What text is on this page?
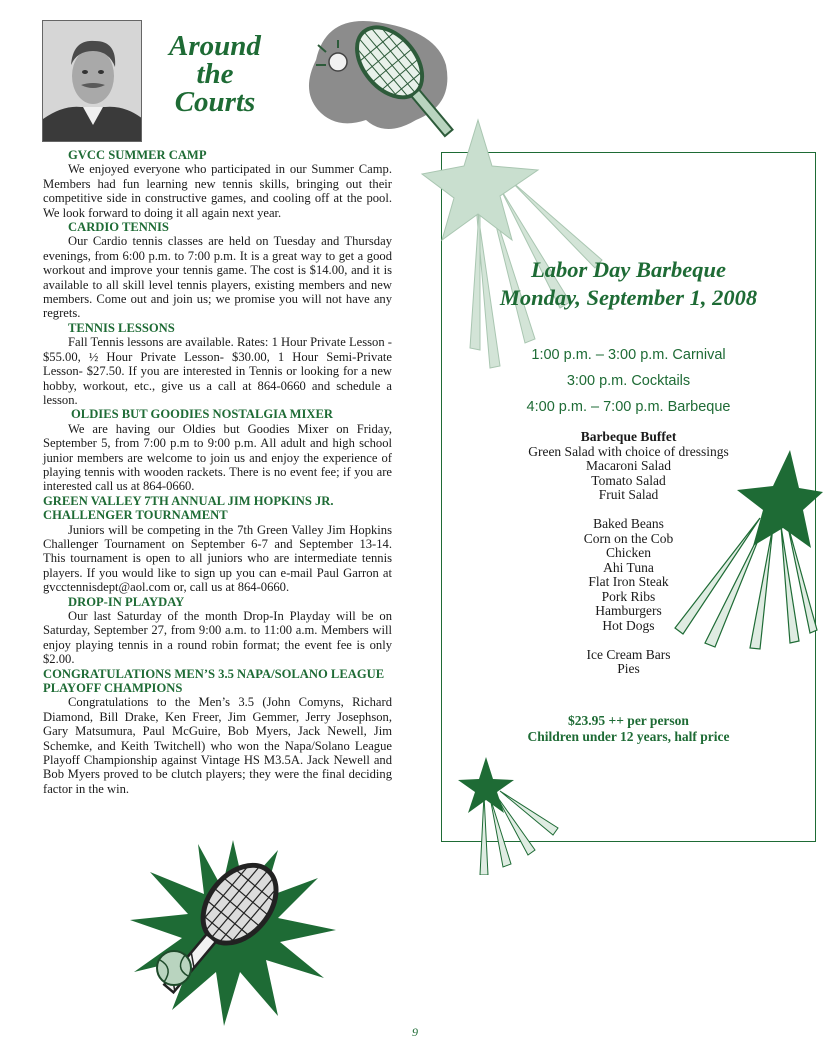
Around
the
Courts
GVCC SUMMER CAMP
We enjoyed everyone who participated in our Summer Camp. Members had fun learning new tennis skills, bringing out their competitive side in constructive games, and cooling off at the pool. We look forward to doing it all again next year.
CARDIO TENNIS
Our Cardio tennis classes are held on Tuesday and Thursday evenings, from 6:00 p.m. to 7:00 p.m. It is a great way to get a good workout and improve your tennis game. The cost is $14.00, and it is available to all skill level tennis players, existing members and new members. Come out and join us; we promise you will not have any regrets.
TENNIS LESSONS
Fall Tennis lessons are available. Rates: 1 Hour Private Lesson - $55.00, ½ Hour Private Lesson- $30.00, 1 Hour Semi-Private Lesson- $27.50. If you are interested in Tennis or looking for a new hobby, workout, etc., give us a call at 864-0660 and schedule a lesson.
OLDIES BUT GOODIES NOSTALGIA MIXER
We are having our Oldies but Goodies Mixer on Friday, September 5, from 7:00 p.m to 9:00 p.m. All adult and high school junior members are welcome to join us and enjoy the experience of playing tennis with wooden rackets. There is no event fee; if you are interested call us at 864-0660.
GREEN VALLEY 7TH ANNUAL JIM HOPKINS JR. CHALLENGER TOURNAMENT
Juniors will be competing in the 7th Green Valley Jim Hopkins Challenger Tournament on September 6-7 and September 13-14. This tournament is open to all juniors who are intermediate tennis players. If you would like to sign up you can e-mail Paul Garron at gvcctennisdept@aol.com or, call us at 864-0660.
DROP-IN PLAYDAY
Our last Saturday of the month Drop-In Playday will be on Saturday, September 27, from 9:00 a.m. to 11:00 a.m. Members will enjoy playing tennis in a round robin format; the event fee is only $2.00.
CONGRATULATIONS MEN’S 3.5 NAPA/SOLANO LEAGUE PLAYOFF CHAMPIONS
Congratulations to the Men’s 3.5 (John Comyns, Richard Diamond, Bill Drake, Ken Freer, Jim Gemmer, Jerry Josephson, Gary Matsumura, Paul McGuire, Bob Myers, Jack Newell, Jim Schemke, and Keith Twitchell) who won the Napa/Solano League Playoff Championship against Vintage HS M3.5A. Jack Newell and Bob Myers proved to be clutch players; they were the final deciding factor in the win.
Labor Day Barbeque
Monday, September 1, 2008
1:00 p.m. – 3:00 p.m. Carnival
3:00 p.m. Cocktails
4:00 p.m. – 7:00 p.m. Barbeque
Barbeque Buffet
Green Salad with choice of dressings
Macaroni Salad
Tomato Salad
Fruit Salad
Baked Beans
Corn on the Cob
Chicken
Ahi Tuna
Flat Iron Steak
Pork Ribs
Hamburgers
Hot Dogs
Ice Cream Bars
Pies
$23.95 ++ per person
Children under 12 years, half price
9
